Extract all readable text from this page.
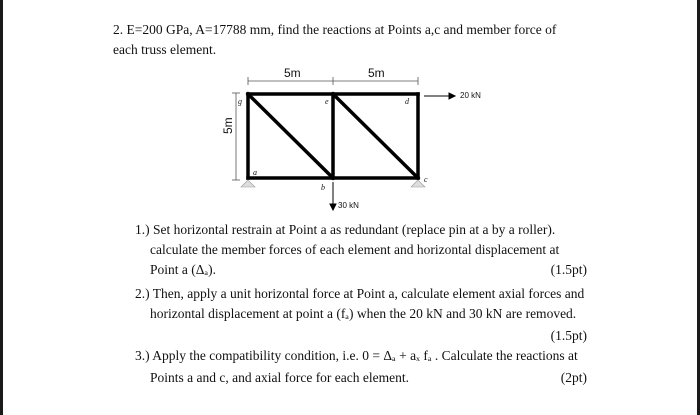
2. E=200 GPa, A=17788 mm, find the reactions at Points a,c and member force of
each truss element.
5m	5m
5m
g	e	d
a
b
c
20 kN
30 kN
1.) Set horizontal restrain at Point a as redundant (replace pin at a by a roller).
calculate the member forces of each element and horizontal displacement at
Point a (Δₐ).	(1.5pt)
2.) Then, apply a unit horizontal force at Point a, calculate element axial forces and
horizontal displacement at point a (fₐ) when the 20 kN and 30 kN are removed.
(1.5pt)
3.) Apply the compatibility condition, i.e. 0 = Δₐ + aₓ fₐ . Calculate the reactions at
Points a and c, and axial force for each element.	(2pt)
